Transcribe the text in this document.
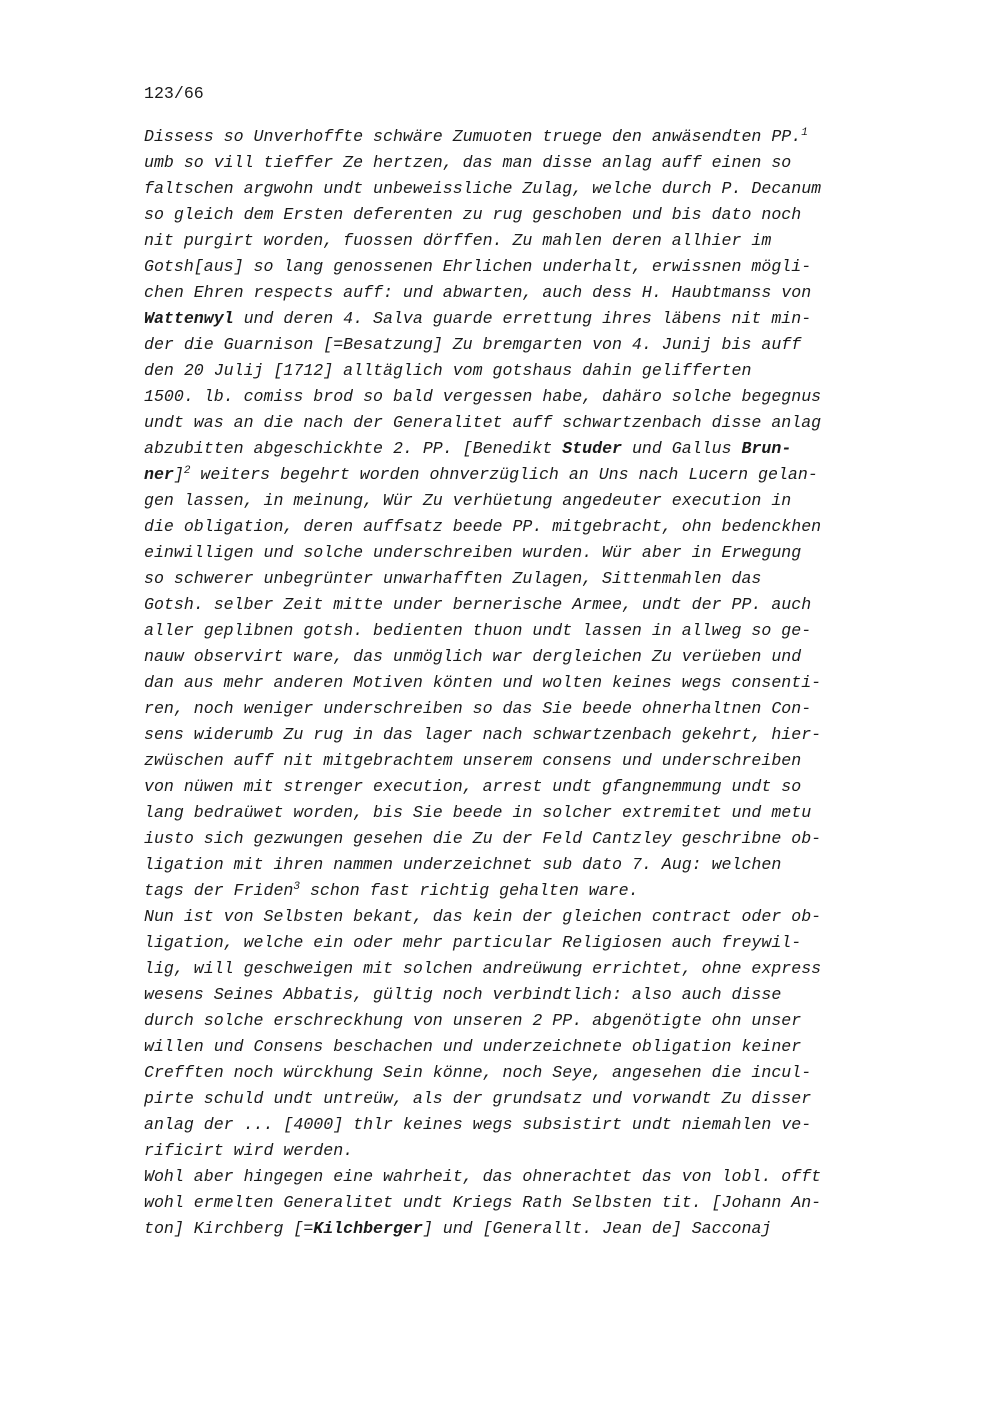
123/66
Dissess so Unverhoffte schwäre Zumuoten truege den anwäsendten PP.$^1$
umb so vill tieffer Ze hertzen, das man disse anlag auff einen so
faltschen argwohn undt unbeweissliche Zulag, welche durch P. Decanum
so gleich dem Ersten deferenten zu rug geschoben und bis dato noch
nit purgirt worden, fuossen dörffen. Zu mahlen deren allhier im
Gotsh[aus] so lang genossenen Ehrlichen underhalt, erwissnen mögli-
chen Ehren respects auff: und abwarten, auch dess H. Haubtmanss von
Wattenwyl und deren 4. Salva guarde errettung ihres läbens nit min-
der die Guarnison [=Besatzung] Zu bremgarten von 4. Junij bis auff
den 20 Julij [1712] alltäglich vom gotshaus dahin gelifferten
1500. lb. comiss brod so bald vergessen habe, dahäro solche begegnus
undt was an die nach der Generalitet auff schwartzenbach disse anlag
abzubitten abgeschickhte 2. PP. [Benedikt Studer und Gallus Brun-
ner]$^2$ weiters begehrt worden ohnverzüglich an Uns nach Lucern gelan-
gen lassen, in meinung, Wür Zu verhüetung angedeuter execution in
die obligation, deren auffsatz beede PP. mitgebracht, ohn bedenckhen
einwilligen und solche underschreiben wurden. Wür aber in Erwegung
so schwerer unbegrünter unwarhafften Zulagen, Sittenmahlen das
Gotsh. selber Zeit mitte under bernerische Armee, undt der PP. auch
aller geplibnen gotsh. bedienten thuon undt lassen in allweg so ge-
nauw observirt ware, das unmöglich war dergleichen Zu verüeben und
dan aus mehr anderen Motiven könten und wolten keines wegs consenti-
ren, noch weniger underschreiben so das Sie beede ohnerhaltnen Con-
sens widerumb Zu rug in das lager nach schwartzenbach gekehrt, hier-
zwüschen auff nit mitgebrachtem unserem consens und underschreiben
von nüwen mit strenger execution, arrest undt gfangnemmung undt so
lang bedraüwet worden, bis Sie beede in solcher extremitet und metu
iusto sich gezwungen gesehen die Zu der Feld Cantzley geschribne ob-
ligation mit ihren nammen underzeichnet sub dato 7. Aug: welchen
tags der Friden$^3$ schon fast richtig gehalten ware.
Nun ist von Selbsten bekant, das kein der gleichen contract oder ob-
ligation, welche ein oder mehr particular Religiosen auch freywil-
lig, will geschweigen mit solchen andreüwung errichtet, ohne express
wesens Seines Abbatis, gültig noch verbindtlich: also auch disse
durch solche erschreckhung von unseren 2 PP. abgenötigte ohn unser
willen und Consens beschachen und underzeichnete obligation keiner
Crefften noch würckhung Sein könne, noch Seye, angesehen die incul-
pirte schuld undt untreüw, als der grundsatz und vorwandt Zu disser
anlag der ... [4000] thlr keines wegs subsistirt undt niemahlen ve-
rificirt wird werden.
Wohl aber hingegen eine wahrheit, das ohnerachtet das von lobl. offt
wohl ermelten Generalitet undt Kriegs Rath Selbsten tit. [Johann An-
ton] Kirchberg [=Kilchberger] und [Generallt. Jean de] Sacconaj
